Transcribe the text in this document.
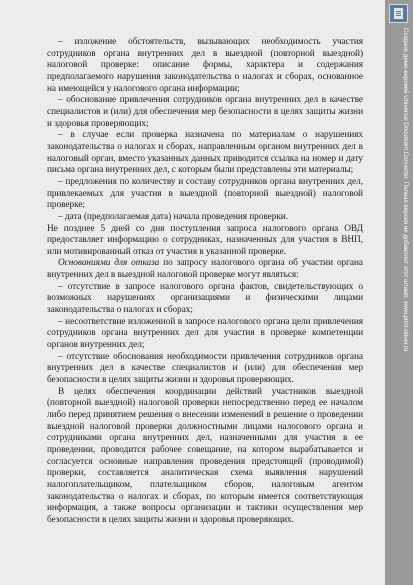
– изложение обстоятельств, вызывающих необходимость участия сотрудников органа внутренних дел в выездной (повторной выездной) налоговой проверке: описание формы, характера и содержания предполагаемого нарушения законодательства о налогах и сборах, основанное на имеющейся у налогового органа информации;

– обоснование привлечения сотрудников органа внутренних дел в качестве специалистов и (или) для обеспечения мер безопасности в целях защиты жизни и здоровья проверяющих;

– в случае если проверка назначена по материалам о нарушениях законодательства о налогах и сборах, направленным органом внутренних дел в налоговый орган, вместо указанных данных приводится ссылка на номер и дату письма органа внутренних дел, с которым были представлены эти материалы;

– предложения по количеству и составу сотрудников органа внутренних дел, привлекаемых для участия в выездной (повторной выездной) налоговой проверке;

– дата (предполагаемая дата) начала проведения проверки.

Не позднее 5 дней со дня поступления запроса налогового органа ОВД предоставляет информацию о сотрудниках, назначенных для участия в ВНП, или мотивированный отказ от участия в указанной проверке.

Основаниями для отказа по запросу налогового органа об участии органа внутренних дел в выездной налоговой проверке могут являться:

– отсутствие в запросе налогового органа фактов, свидетельствующих о возможных нарушениях организациями и физическими лицами законодательства о налогах и сборах;

– несоответствие изложенной в запросе налогового органа цели привлечения сотрудников органа внутренних дел для участия в проверке компетенции органов внутренних дел;

– отсутствие обоснования необходимости привлечения сотрудников органа внутренних дел в качестве специалистов и (или) для обеспечения мер безопасности в целях защиты жизни и здоровья проверяющих.

В целях обеспечения координации действий участников выездной (повторной выездной) налоговой проверки непосредственно перед ее началом либо перед принятием решения о внесении изменений в решение о проведении выездной налоговой проверки должностными лицами налогового органа и сотрудниками органа внутренних дел, назначенными для участия в ее проведении, проводится рабочее совещание, на котором вырабатывается и согласуется основные направления проведения предстоящей (проводимой) проверки, составляется аналитическая схема выявления нарушений налогоплательщиком, плательщиком сборов, налоговым агентом законодательства о налогах и сборах, по которым имеется соответствующая информация, а также вопросы организации и тактики осуществления мер безопасности в целях защиты жизни и здоровья проверяющих.

Создано демо-версией Universal Document Converter. Полная версия не добавляет этот штамп. www.print-driver.ru
